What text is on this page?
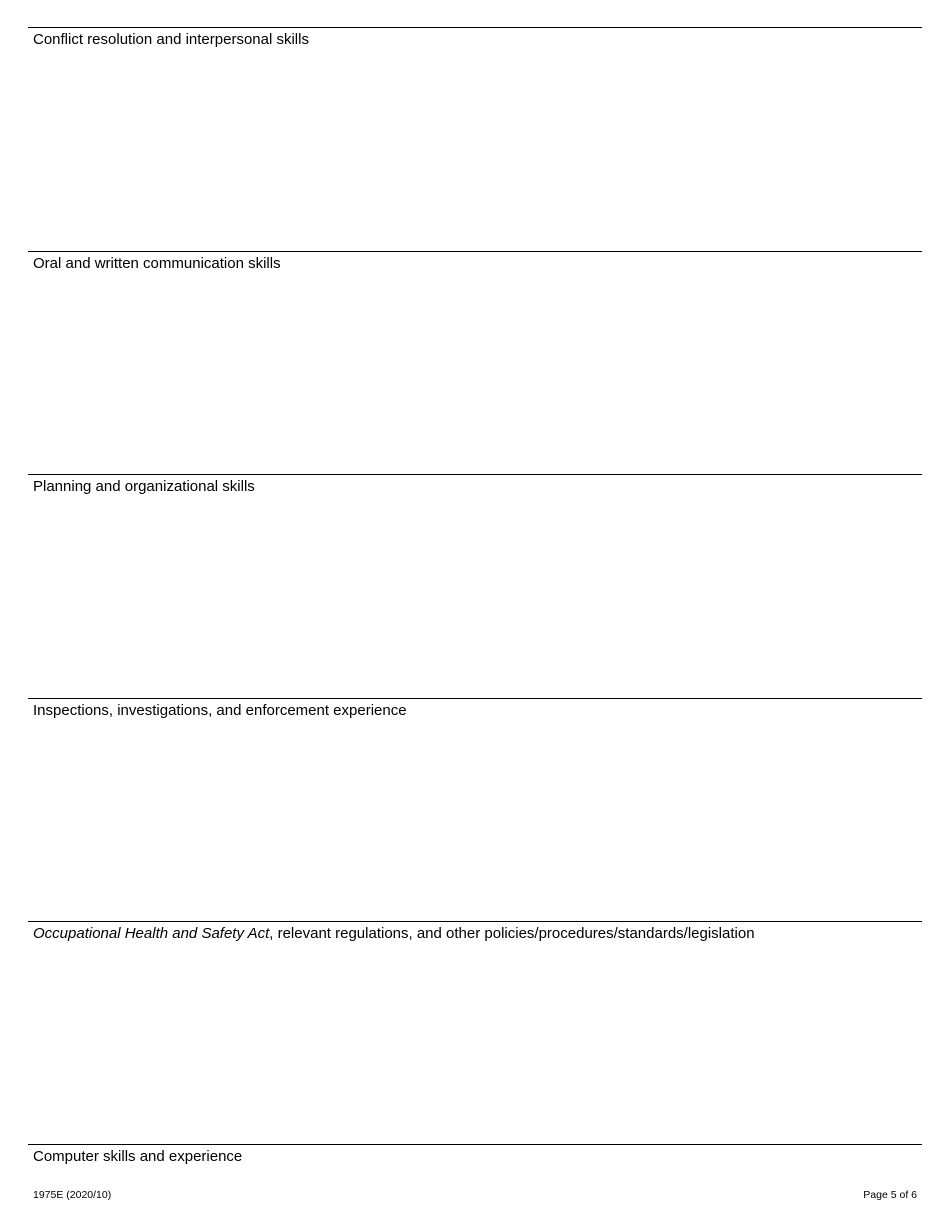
Conflict resolution and interpersonal skills
Oral and written communication skills
Planning and organizational skills
Inspections, investigations, and enforcement experience
Occupational Health and Safety Act, relevant regulations, and other policies/procedures/standards/legislation
Computer skills and experience
1975E (2020/10)	Page 5 of 6
